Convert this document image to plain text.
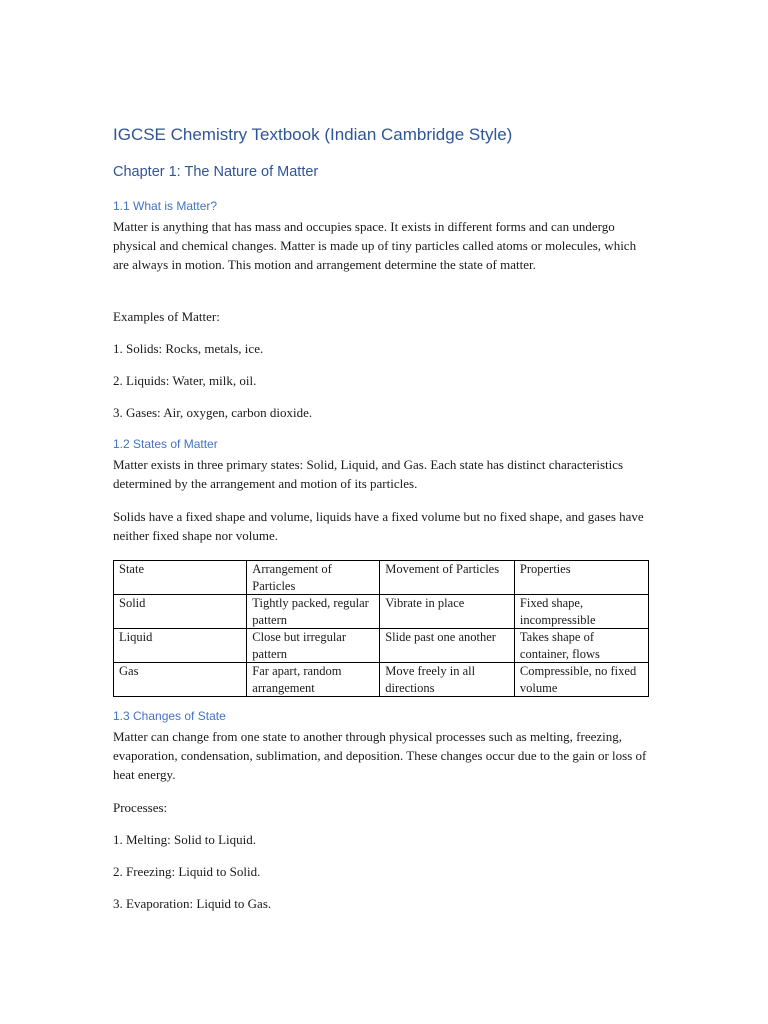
IGCSE Chemistry Textbook (Indian Cambridge Style)
Chapter 1: The Nature of Matter
1.1 What is Matter?

Matter is anything that has mass and occupies space. It exists in different forms and can undergo physical and chemical changes. Matter is made up of tiny particles called atoms or molecules, which are always in motion. This motion and arrangement determine the state of matter.

Examples of Matter:

1. Solids: Rocks, metals, ice.

2. Liquids: Water, milk, oil.

3. Gases: Air, oxygen, carbon dioxide.

1.2 States of Matter

Matter exists in three primary states: Solid, Liquid, and Gas. Each state has distinct characteristics determined by the arrangement and motion of its particles.

Solids have a fixed shape and volume, liquids have a fixed volume but no fixed shape, and gases have neither fixed shape nor volume.

State	Arrangement of Particles	Movement of Particles	Properties
Solid	Tightly packed, regular pattern	Vibrate in place	Fixed shape, incompressible
Liquid	Close but irregular pattern	Slide past one another	Takes shape of container, flows
Gas	Far apart, random arrangement	Move freely in all directions	Compressible, no fixed volume
1.3 Changes of State

Matter can change from one state to another through physical processes such as melting, freezing, evaporation, condensation, sublimation, and deposition. These changes occur due to the gain or loss of heat energy.

Processes:

1. Melting: Solid to Liquid.

2. Freezing: Liquid to Solid.

3. Evaporation: Liquid to Gas.
